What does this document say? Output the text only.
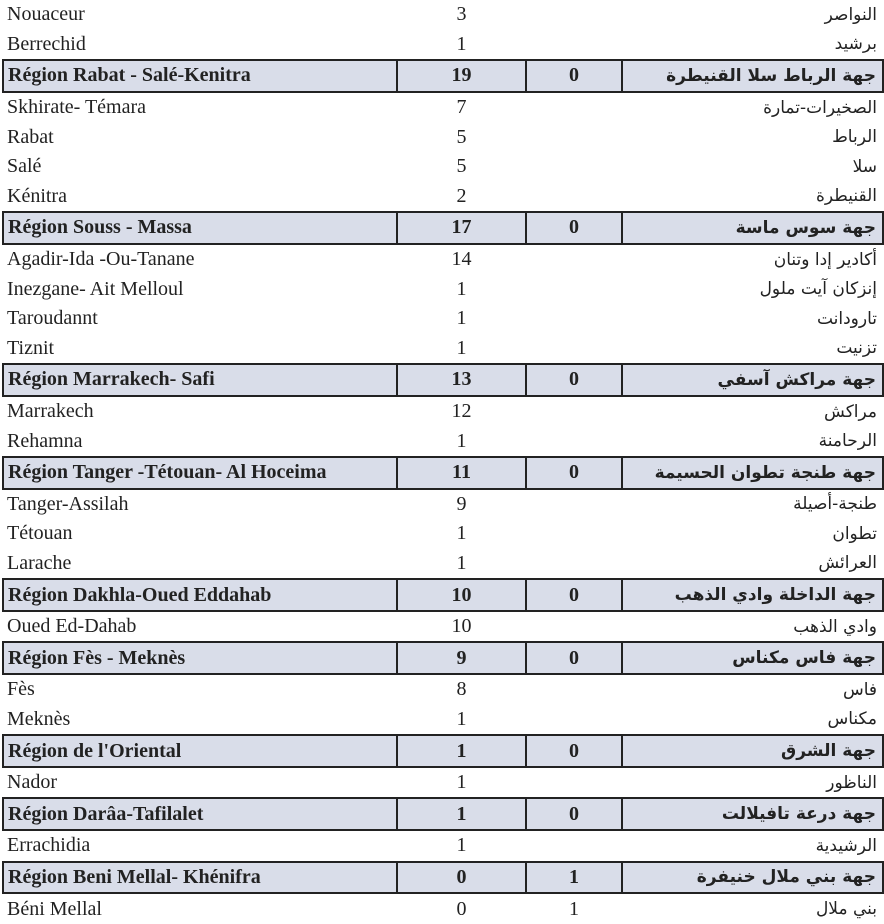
Nouaceur	3		النواصر
Berrechid	1		برشيد
Région Rabat - Salé-Kenitra	19	0	جهة الرباط سلا القنيطرة
Skhirate- Témara	7		الصخيرات-تمارة
Rabat	5		الرباط
Salé	5		سلا
Kénitra	2		القنيطرة
Région Souss - Massa	17	0	جهة سوس ماسة
Agadir-Ida -Ou-Tanane	14		أكادير إدا وتنان
Inezgane- Ait Melloul	1		إنزكان آيت ملول
Taroudannt	1		تارودانت
Tiznit	1		تزنيت
Région Marrakech- Safi	13	0	جهة مراكش آسفي
Marrakech	12		مراكش
Rehamna	1		الرحامنة
Région Tanger -Tétouan- Al Hoceima	11	0	جهة طنجة تطوان الحسيمة
Tanger-Assilah	9		طنجة-أصيلة
Tétouan	1		تطوان
Larache	1		العرائش
Région Dakhla-Oued Eddahab	10	0	جهة الداخلة وادي الذهب
Oued Ed-Dahab	10		وادي الذهب
Région Fès - Meknès	9	0	جهة فاس مكناس
Fès	8		فاس
Meknès	1		مكناس
Région de l'Oriental	1	0	جهة الشرق
Nador	1		الناظور
Région Darâa-Tafilalet	1	0	جهة درعة تافيلالت
Errachidia	1		الرشيدية
Région Beni Mellal- Khénifra	0	1	جهة بني ملال خنيفرة
Béni Mellal	0	1	بني ملال
